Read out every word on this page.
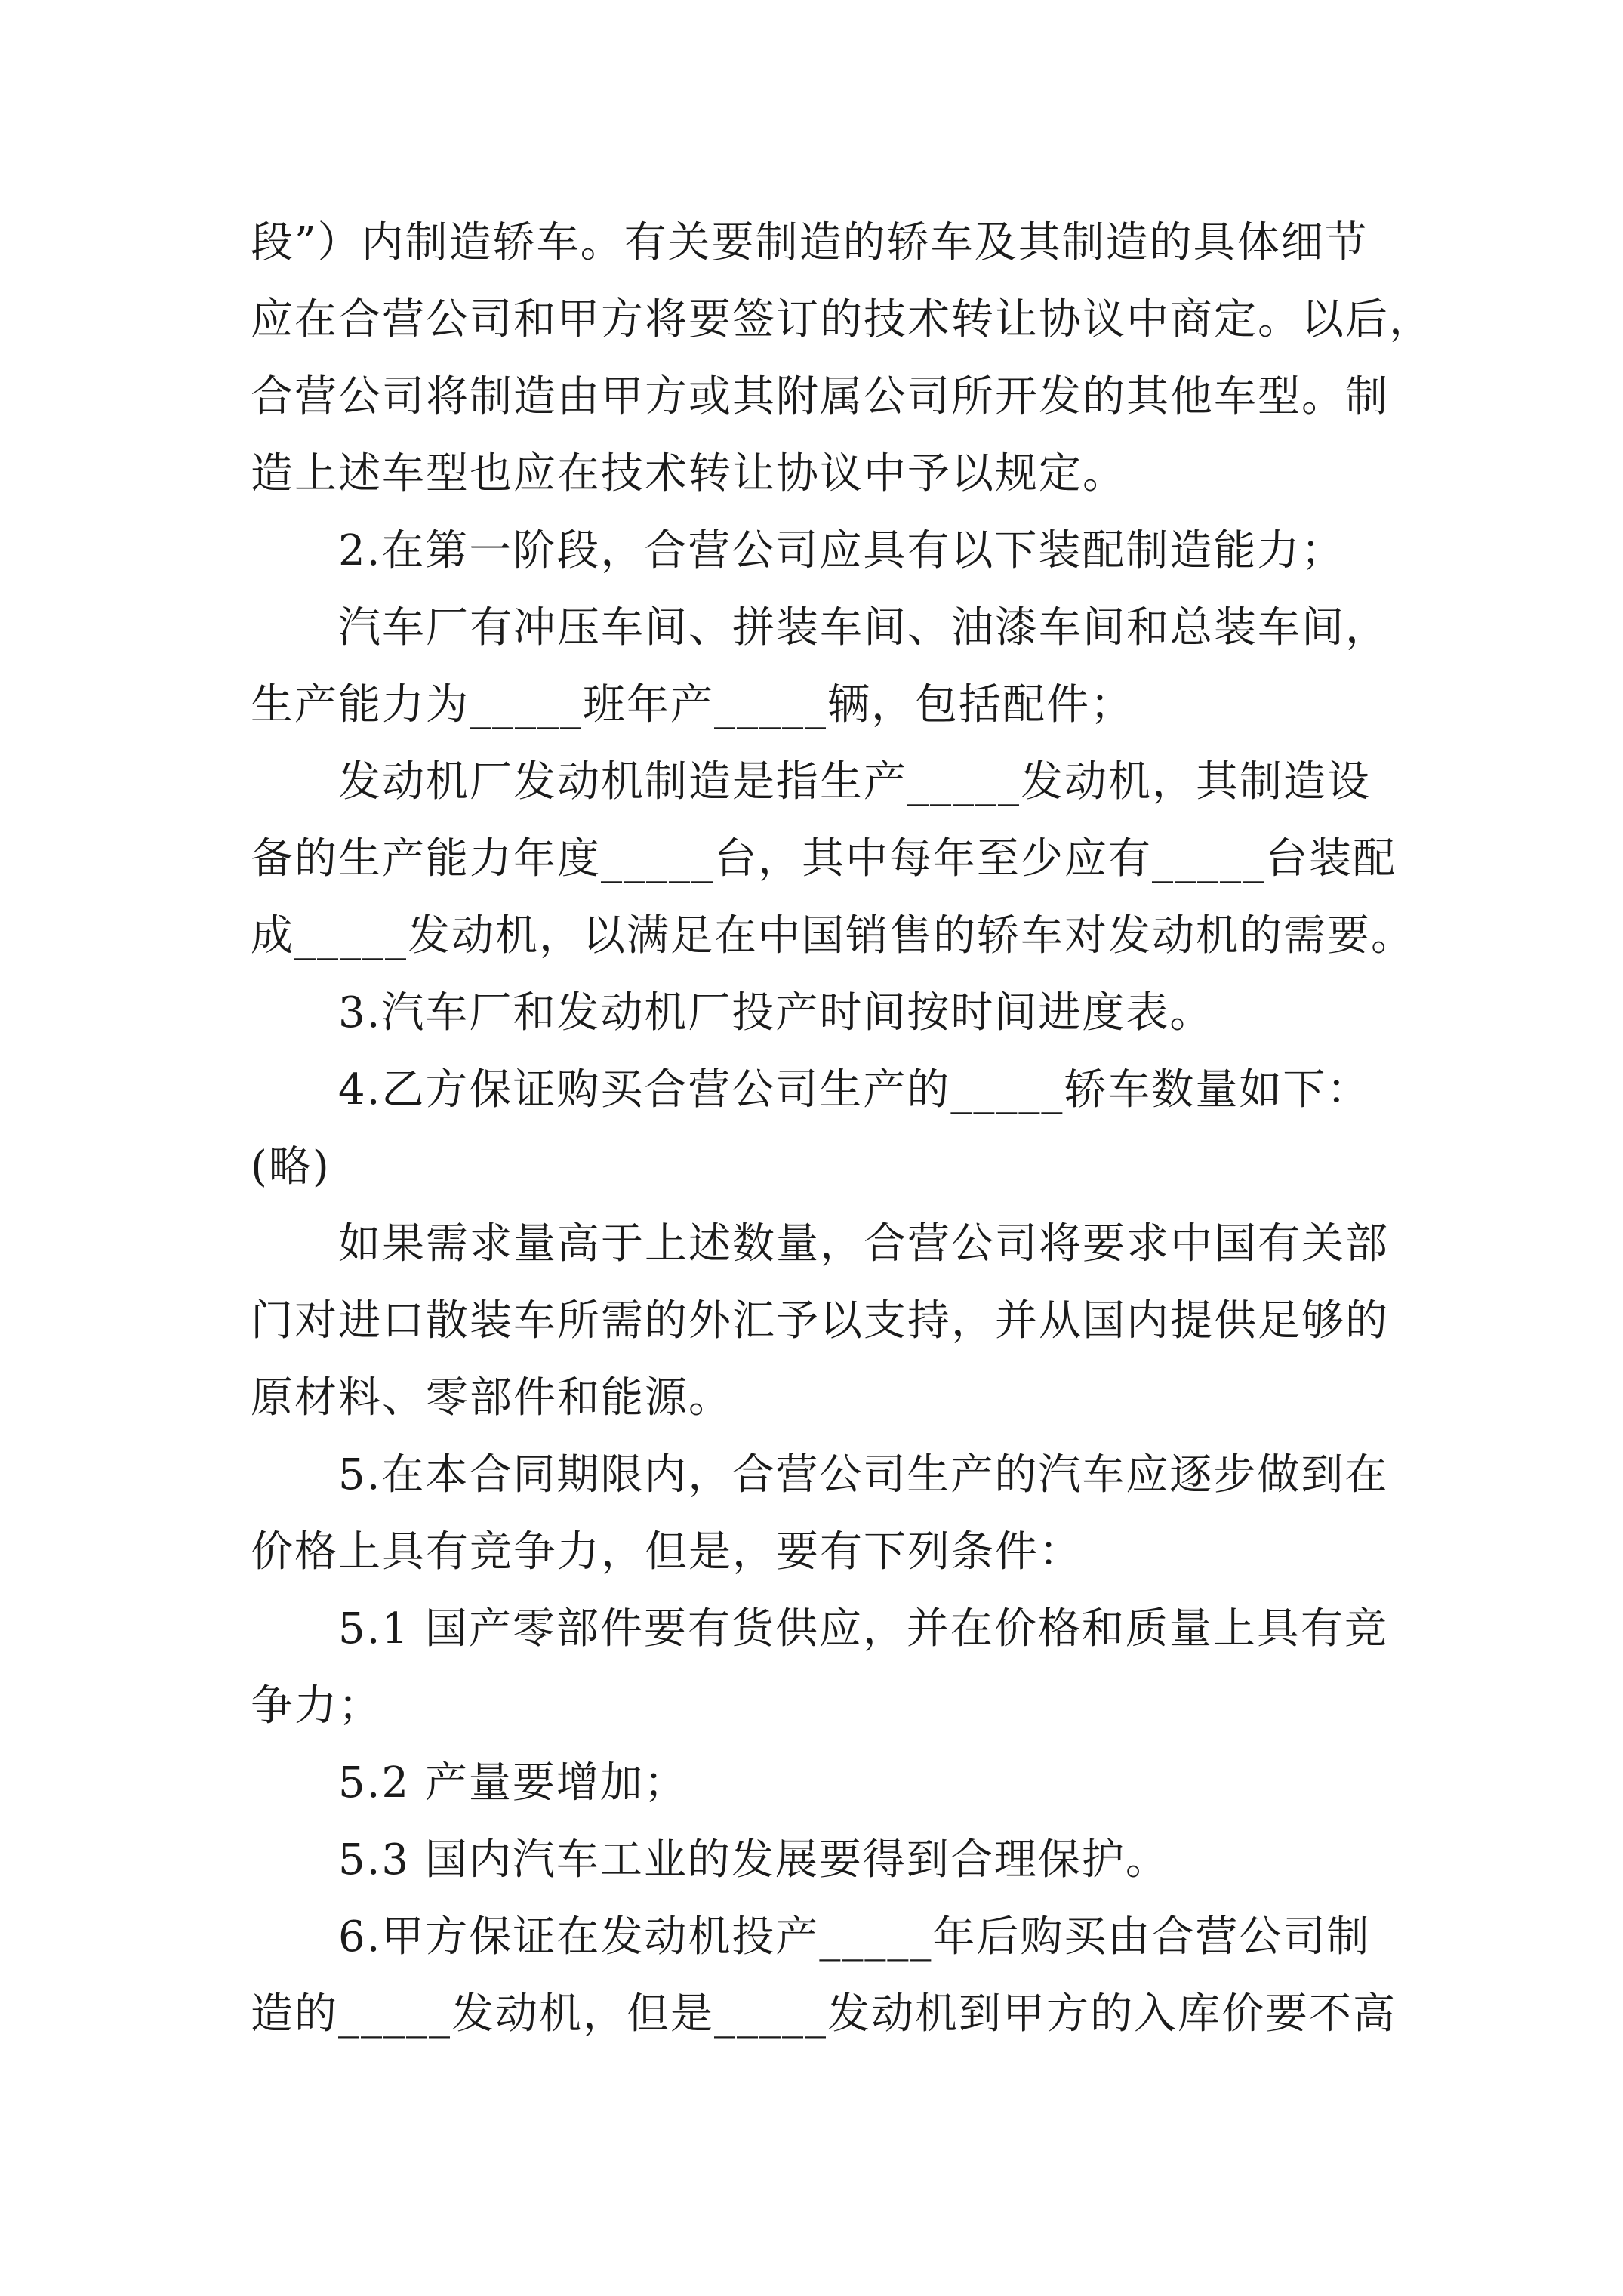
段”）内制造轿车。有关要制造的轿车及其制造的具体细节
应在合营公司和甲方将要签订的技术转让协议中商定。以后，
合营公司将制造由甲方或其附属公司所开发的其他车型。制
造上述车型也应在技术转让协议中予以规定。
2.在第一阶段，合营公司应具有以下装配制造能力；
汽车厂有冲压车间、拼装车间、油漆车间和总装车间，
生产能力为_____班年产_____辆，包括配件；
发动机厂发动机制造是指生产_____发动机，其制造设
备的生产能力年度_____台，其中每年至少应有_____台装配
成_____发动机，以满足在中国销售的轿车对发动机的需要。
3.汽车厂和发动机厂投产时间按时间进度表。
4.乙方保证购买合营公司生产的_____轿车数量如下：
(略)
如果需求量高于上述数量，合营公司将要求中国有关部
门对进口散装车所需的外汇予以支持，并从国内提供足够的
原材料、零部件和能源。
5.在本合同期限内，合营公司生产的汽车应逐步做到在
价格上具有竞争力，但是，要有下列条件：
5.1 国产零部件要有货供应，并在价格和质量上具有竞
争力；
5.2 产量要增加；
5.3 国内汽车工业的发展要得到合理保护。
6.甲方保证在发动机投产_____年后购买由合营公司制
造的_____发动机，但是_____发动机到甲方的入库价要不高
